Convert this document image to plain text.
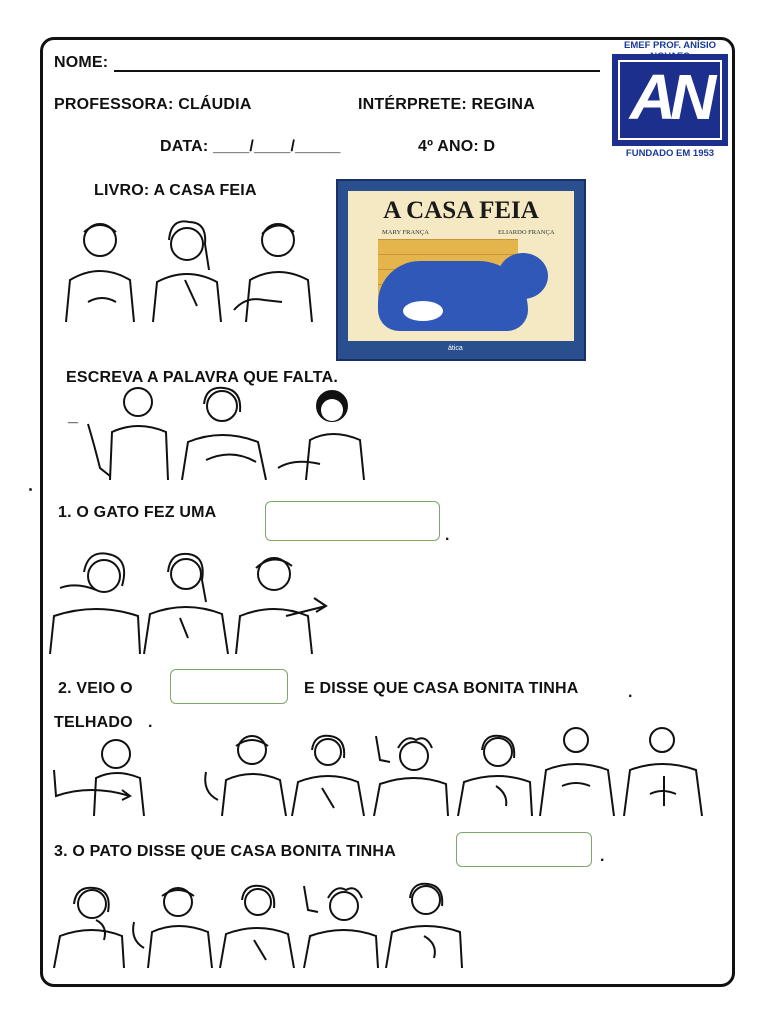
NOME:
PROFESSORA: CLÁUDIA	INTÉRPRETE: REGINA
DATA: ____/____/_____	4º ANO: D
EMEF PROF. ANÍSIO
AN
FUNDADO EM 1953
LIVRO: A CASA FEIA
A CASA FEIA
MARY FRANÇA	ELIARDO FRANÇA
ática
ESCREVA A PALAVRA QUE FALTA.
_
1. O GATO FEZ UMA
.
2. VEIO O	E DISSE QUE CASA BONITA TINHA	.
TELHADO .
3. O PATO DISSE QUE CASA BONITA TINHA	.
